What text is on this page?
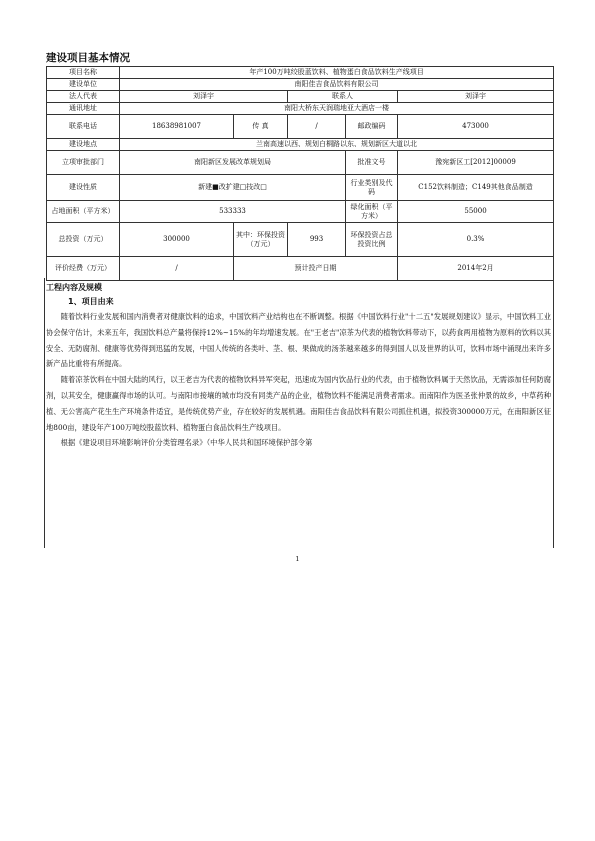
建设项目基本情况
项目名称	年产100万吨绞股蓝饮料、植物蛋白食品饮料生产线项目				
建设单位	南阳佳吉食品饮料有限公司				
法人代表	刘泽宇		联系人		刘泽宇
通讯地址	南阳大桥东天润瑞地亚大酒店一楼				
联系电话	18638981007	传 真	/	邮政编码	473000
建设地点	兰南高速以西、规划白桐路以东、规划新区大道以北				
立项审批部门	南阳新区发展改革规划局			批准文号	豫宛新区工[2012]00009
建设性质	新建■改扩建□技改□			行业类别及代码	C152饮料制造；C149其他食品制造
占地面积（平方米）	533333			绿化面积（平方米）	55000
总投资（万元）	300000	其中：环保投资（万元）	993	环保投资占总投资比例	0.3%
评价经费（万元）	/	预计投产日期			2014年2月
工程内容及规模
1、项目由来

随着饮料行业发展和国内消费者对健康饮料的追求，中国饮料产业结构也在不断调整。根据《中国饮料行业"十二五"发展规划建议》显示，中国饮料工业协会保守估计，未来五年，我国饮料总产量将保持12%~15%的年均增速发展。在"王老吉"凉茶为代表的植物饮料带动下，以药食两用植物为原料的饮料以其安全、无防腐剂、健康等优势得到迅猛的发展，中国人传统的各类叶、茎、根、果做成的汤茶越来越多的得到国人以及世界的认可，饮料市场中涌现出来许多新产品比重将有所提高。

随着凉茶饮料在中国大陆的风行，以王老吉为代表的植物饮料异军突起，迅速成为国内饮品行业的代表，由于植物饮料属于天然饮品，无需添加任何防腐剂，以其安全，健康赢得市场的认可。与南阳市接壤的城市均没有同类产品的企业，植物饮料不能满足消费者需求。而南阳作为医圣张仲景的故乡，中草药种植、无公害高产花生生产环境条件适宜，是传统优势产业，存在较好的发展机遇。南阳佳吉食品饮料有限公司抓住机遇，拟投资300000万元，在南阳新区征地800亩，建设年产100万吨绞股蓝饮料、植物蛋白食品饮料生产线项目。

根据《建设项目环境影响评价分类管理名录》（中华人民共和国环境保护部令第

1
